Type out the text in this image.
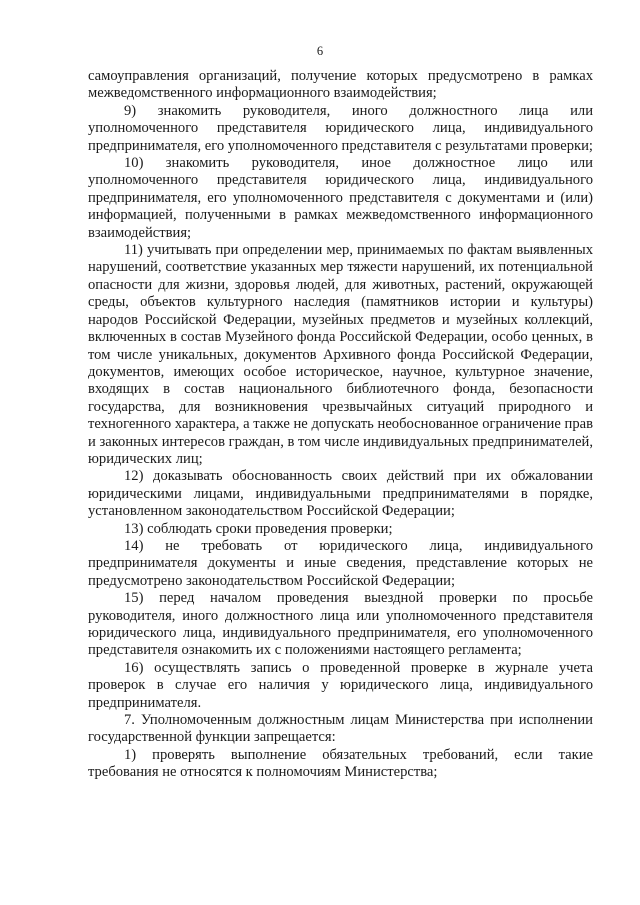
6

самоуправления организаций, получение которых предусмотрено в рамках межведомственного информационного взаимодействия;

9) знакомить руководителя, иного должностного лица или уполномоченного представителя юридического лица, индивидуального предпринимателя, его уполномоченного представителя с результатами проверки;

10) знакомить руководителя, иное должностное лицо или уполномоченного представителя юридического лица, индивидуального предпринимателя, его уполномоченного представителя с документами и (или) информацией, полученными в рамках межведомственного информационного взаимодействия;

11) учитывать при определении мер, принимаемых по фактам выявленных нарушений, соответствие указанных мер тяжести нарушений, их потенциальной опасности для жизни, здоровья людей, для животных, растений, окружающей среды, объектов культурного наследия (памятников истории и культуры) народов Российской Федерации, музейных предметов и музейных коллекций, включенных в состав Музейного фонда Российской Федерации, особо ценных, в том числе уникальных, документов Архивного фонда Российской Федерации, документов, имеющих особое историческое, научное, культурное значение, входящих в состав национального библиотечного фонда, безопасности государства, для возникновения чрезвычайных ситуаций природного и техногенного характера, а также не допускать необоснованное ограничение прав и законных интересов граждан, в том числе индивидуальных предпринимателей, юридических лиц;

12) доказывать обоснованность своих действий при их обжаловании юридическими лицами, индивидуальными предпринимателями в порядке, установленном законодательством Российской Федерации;

13) соблюдать сроки проведения проверки;

14) не требовать от юридического лица, индивидуального предпринимателя документы и иные сведения, представление которых не предусмотрено законодательством Российской Федерации;

15) перед началом проведения выездной проверки по просьбе руководителя, иного должностного лица или уполномоченного представителя юридического лица, индивидуального предпринимателя, его уполномоченного представителя ознакомить их с положениями настоящего регламента;

16) осуществлять запись о проведенной проверке в журнале учета проверок в случае его наличия у юридического лица, индивидуального предпринимателя.

7. Уполномоченным должностным лицам Министерства при исполнении государственной функции запрещается:

1) проверять выполнение обязательных требований, если такие требования не относятся к полномочиям Министерства;
